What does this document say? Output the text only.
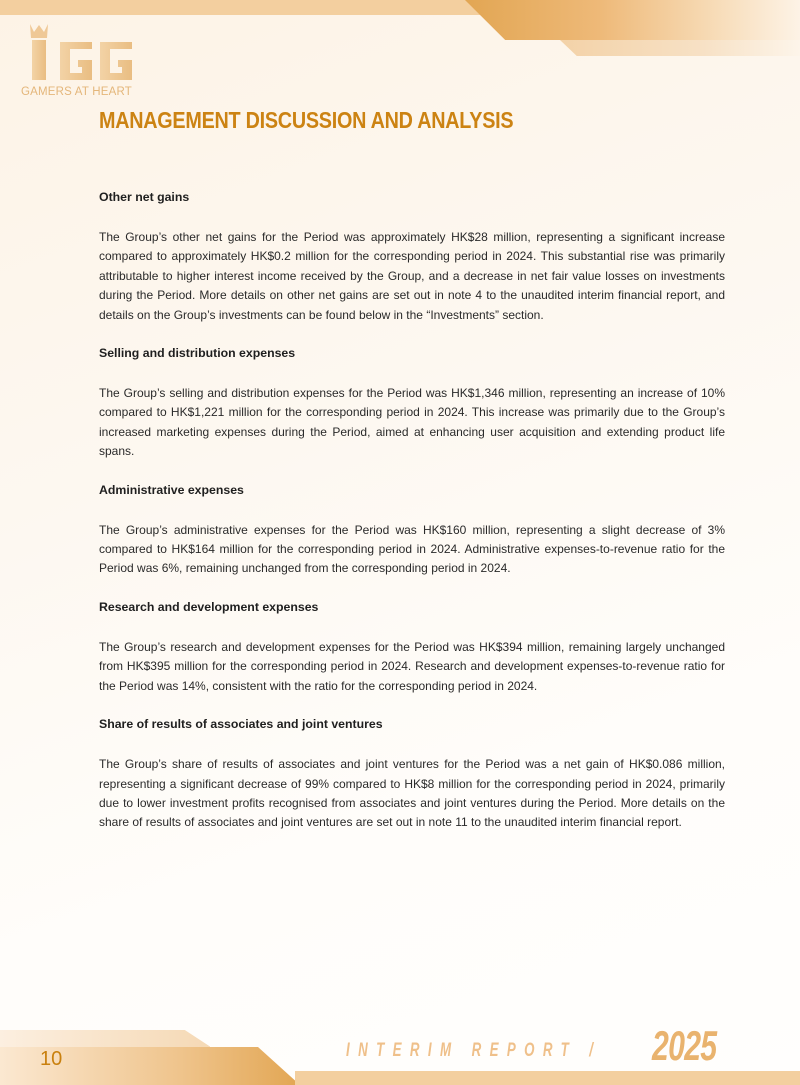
GAMERS AT HEART
MANAGEMENT DISCUSSION AND ANALYSIS
Other net gains

The Group’s other net gains for the Period was approximately HK$28 million, representing a significant increase compared to approximately HK$0.2 million for the corresponding period in 2024. This substantial rise was primarily attributable to higher interest income received by the Group, and a decrease in net fair value losses on investments during the Period. More details on other net gains are set out in note 4 to the unaudited interim financial report, and details on the Group’s investments can be found below in the “Investments” section.

Selling and distribution expenses

The Group’s selling and distribution expenses for the Period was HK$1,346 million, representing an increase of 10% compared to HK$1,221 million for the corresponding period in 2024. This increase was primarily due to the Group’s increased marketing expenses during the Period, aimed at enhancing user acquisition and extending product life spans.

Administrative expenses

The Group’s administrative expenses for the Period was HK$160 million, representing a slight decrease of 3% compared to HK$164 million for the corresponding period in 2024. Administrative expenses-to-revenue ratio for the Period was 6%, remaining unchanged from the corresponding period in 2024.

Research and development expenses

The Group’s research and development expenses for the Period was HK$394 million, remaining largely unchanged from HK$395 million for the corresponding period in 2024. Research and development expenses-to-revenue ratio for the Period was 14%, consistent with the ratio for the corresponding period in 2024.

Share of results of associates and joint ventures

The Group’s share of results of associates and joint ventures for the Period was a net gain of HK$0.086 million, representing a significant decrease of 99% compared to HK$8 million for the corresponding period in 2024, primarily due to lower investment profits recognised from associates and joint ventures during the Period. More details on the share of results of associates and joint ventures are set out in note 11 to the unaudited interim financial report.

10	INTERIM REPORT / 2025
